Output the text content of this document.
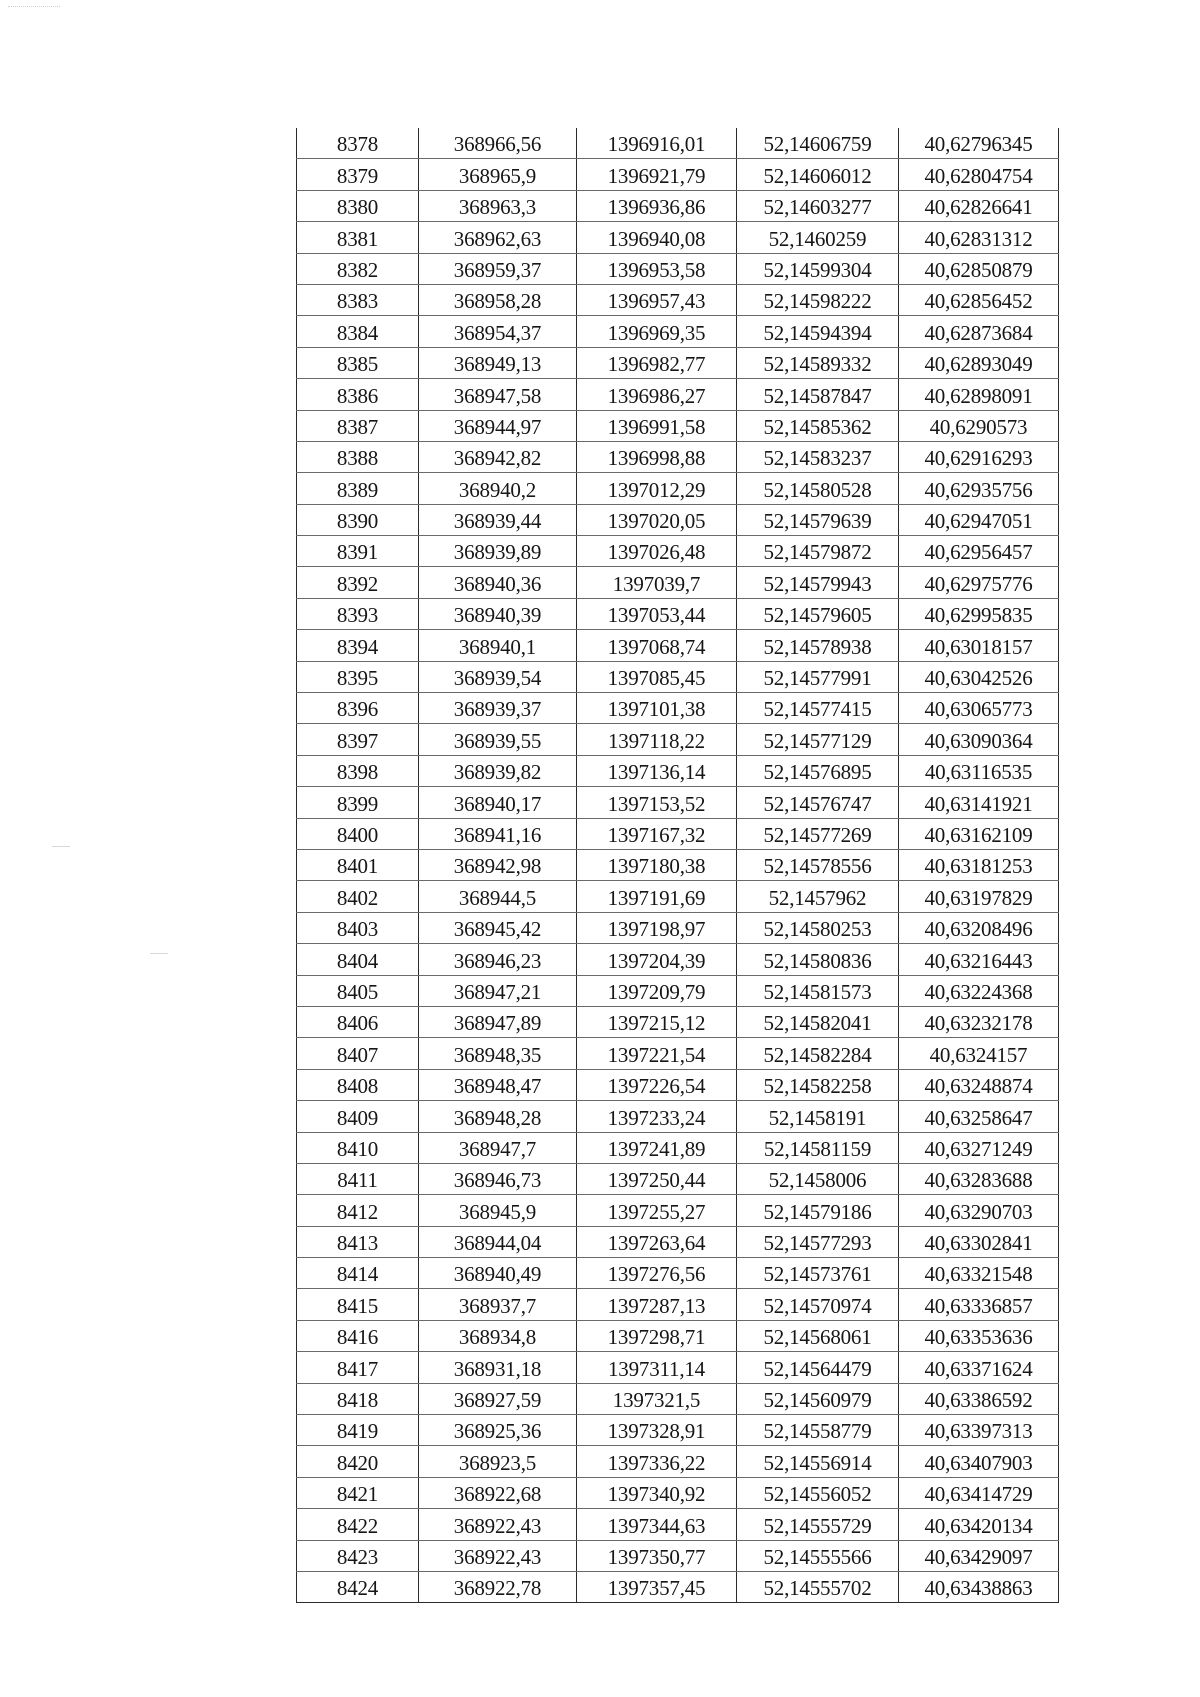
8378	368966,56	1396916,01	52,14606759	40,62796345
8379	368965,9	1396921,79	52,14606012	40,62804754
8380	368963,3	1396936,86	52,14603277	40,62826641
8381	368962,63	1396940,08	52,1460259	40,62831312
8382	368959,37	1396953,58	52,14599304	40,62850879
8383	368958,28	1396957,43	52,14598222	40,62856452
8384	368954,37	1396969,35	52,14594394	40,62873684
8385	368949,13	1396982,77	52,14589332	40,62893049
8386	368947,58	1396986,27	52,14587847	40,62898091
8387	368944,97	1396991,58	52,14585362	40,6290573
8388	368942,82	1396998,88	52,14583237	40,62916293
8389	368940,2	1397012,29	52,14580528	40,62935756
8390	368939,44	1397020,05	52,14579639	40,62947051
8391	368939,89	1397026,48	52,14579872	40,62956457
8392	368940,36	1397039,7	52,14579943	40,62975776
8393	368940,39	1397053,44	52,14579605	40,62995835
8394	368940,1	1397068,74	52,14578938	40,63018157
8395	368939,54	1397085,45	52,14577991	40,63042526
8396	368939,37	1397101,38	52,14577415	40,63065773
8397	368939,55	1397118,22	52,14577129	40,63090364
8398	368939,82	1397136,14	52,14576895	40,63116535
8399	368940,17	1397153,52	52,14576747	40,63141921
8400	368941,16	1397167,32	52,14577269	40,63162109
8401	368942,98	1397180,38	52,14578556	40,63181253
8402	368944,5	1397191,69	52,1457962	40,63197829
8403	368945,42	1397198,97	52,14580253	40,63208496
8404	368946,23	1397204,39	52,14580836	40,63216443
8405	368947,21	1397209,79	52,14581573	40,63224368
8406	368947,89	1397215,12	52,14582041	40,63232178
8407	368948,35	1397221,54	52,14582284	40,6324157
8408	368948,47	1397226,54	52,14582258	40,63248874
8409	368948,28	1397233,24	52,1458191	40,63258647
8410	368947,7	1397241,89	52,14581159	40,63271249
8411	368946,73	1397250,44	52,1458006	40,63283688
8412	368945,9	1397255,27	52,14579186	40,63290703
8413	368944,04	1397263,64	52,14577293	40,63302841
8414	368940,49	1397276,56	52,14573761	40,63321548
8415	368937,7	1397287,13	52,14570974	40,63336857
8416	368934,8	1397298,71	52,14568061	40,63353636
8417	368931,18	1397311,14	52,14564479	40,63371624
8418	368927,59	1397321,5	52,14560979	40,63386592
8419	368925,36	1397328,91	52,14558779	40,63397313
8420	368923,5	1397336,22	52,14556914	40,63407903
8421	368922,68	1397340,92	52,14556052	40,63414729
8422	368922,43	1397344,63	52,14555729	40,63420134
8423	368922,43	1397350,77	52,14555566	40,63429097
8424	368922,78	1397357,45	52,14555702	40,63438863
